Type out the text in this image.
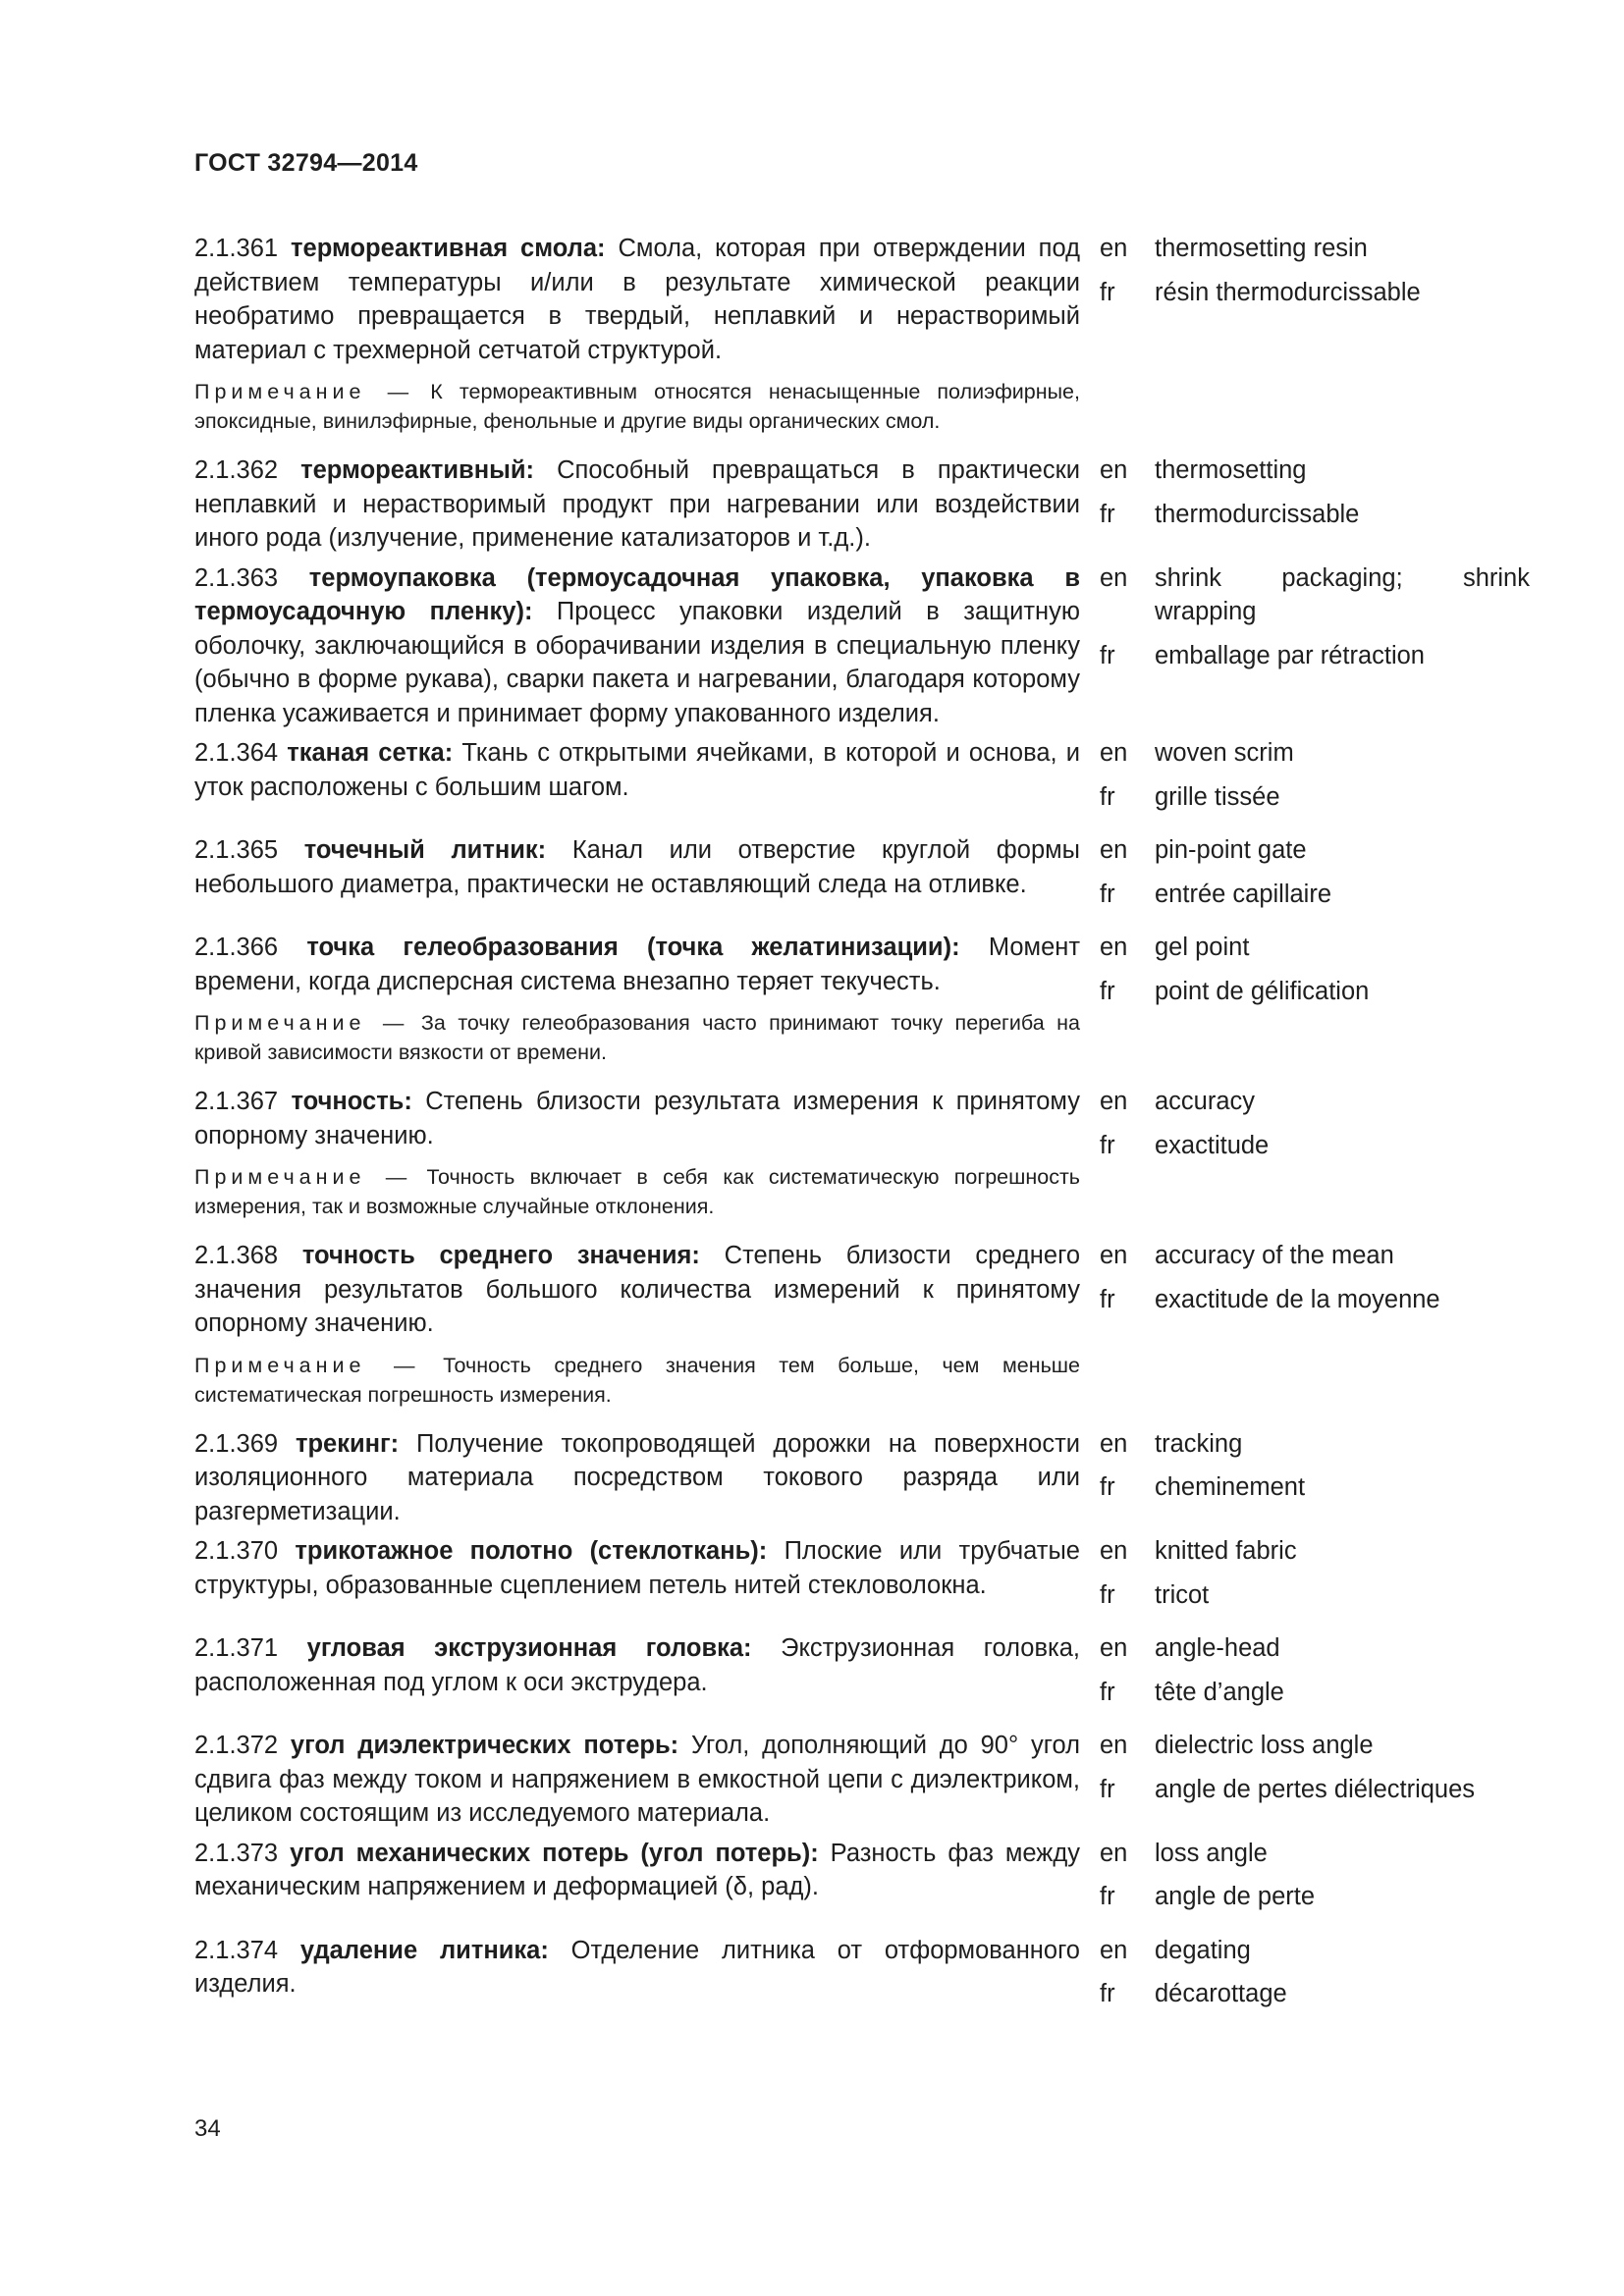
ГОСТ 32794—2014

2.1.361 термореактивная смола: Смола, которая при отверждении под действием температуры и/или в результате химической реакции необратимо превращается в твердый, неплавкий и нерастворимый материал с трехмерной сетчатой структурой.

Примечание — К термореактивным относятся ненасыщенные полиэфирные, эпоксидные, винилэфирные, фенольные и другие виды органических смол.

en	thermosetting resin
fr	résin thermodurcissable

2.1.362 термореактивный: Способный превращаться в практически неплавкий и нерастворимый продукт при нагревании или воздействии иного рода (излучение, применение катализаторов и т.д.).

en	thermosetting
fr	thermodurcissable

2.1.363 термоупаковка (термоусадочная упаковка, упаковка в термоусадочную пленку): Процесс упаковки изделий в защитную оболочку, заключающийся в оборачивании изделия в специальную пленку (обычно в форме рукава), сварки пакета и нагревании, благодаря которому пленка усаживается и принимает форму упакованного изделия.

en	shrink packaging; shrink wrapping
fr	emballage par rétraction

2.1.364 тканая сетка: Ткань с открытыми ячейками, в которой и основа, и уток расположены с большим шагом.

en	woven scrim
fr	grille tissée

2.1.365 точечный литник: Канал или отверстие круглой формы небольшого диаметра, практически не оставляющий следа на отливке.

en	pin-point gate
fr	entrée capillaire

2.1.366 точка гелеобразования (точка желатинизации): Момент времени, когда дисперсная система внезапно теряет текучесть.

Примечание — За точку гелеобразования часто принимают точку перегиба на кривой зависимости вязкости от времени.

en	gel point
fr	point de gélification

2.1.367 точность: Степень близости результата измерения к принятому опорному значению.

Примечание — Точность включает в себя как систематическую погрешность измерения, так и возможные случайные отклонения.

en	accuracy
fr	exactitude

2.1.368 точность среднего значения: Степень близости среднего значения результатов большого количества измерений к принятому опорному значению.

Примечание — Точность среднего значения тем больше, чем меньше систематическая погрешность измерения.

en	accuracy of the mean
fr	exactitude de la moyenne

2.1.369 трекинг: Получение токопроводящей дорожки на поверхности изоляционного материала посредством токового разряда или разгерметизации.

en	tracking
fr	cheminement

2.1.370 трикотажное полотно (стеклоткань): Плоские или трубчатые структуры, образованные сцеплением петель нитей стекловолокна.

en	knitted fabric
fr	tricot

2.1.371 угловая экструзионная головка: Экструзионная головка, расположенная под углом к оси экструдера.

en	angle-head
fr	tête d’angle

2.1.372 угол диэлектрических потерь: Угол, дополняющий до 90° угол сдвига фаз между током и напряжением в емкостной цепи с диэлектриком, целиком состоящим из исследуемого материала.

en	dielectric loss angle
fr	angle de pertes diélectriques

2.1.373 угол механических потерь (угол потерь): Разность фаз между механическим напряжением и деформацией (δ, рад).

en	loss angle
fr	angle de perte

2.1.374 удаление литника: Отделение литника от отформованного изделия.

en	degating
fr	décarottage
34
